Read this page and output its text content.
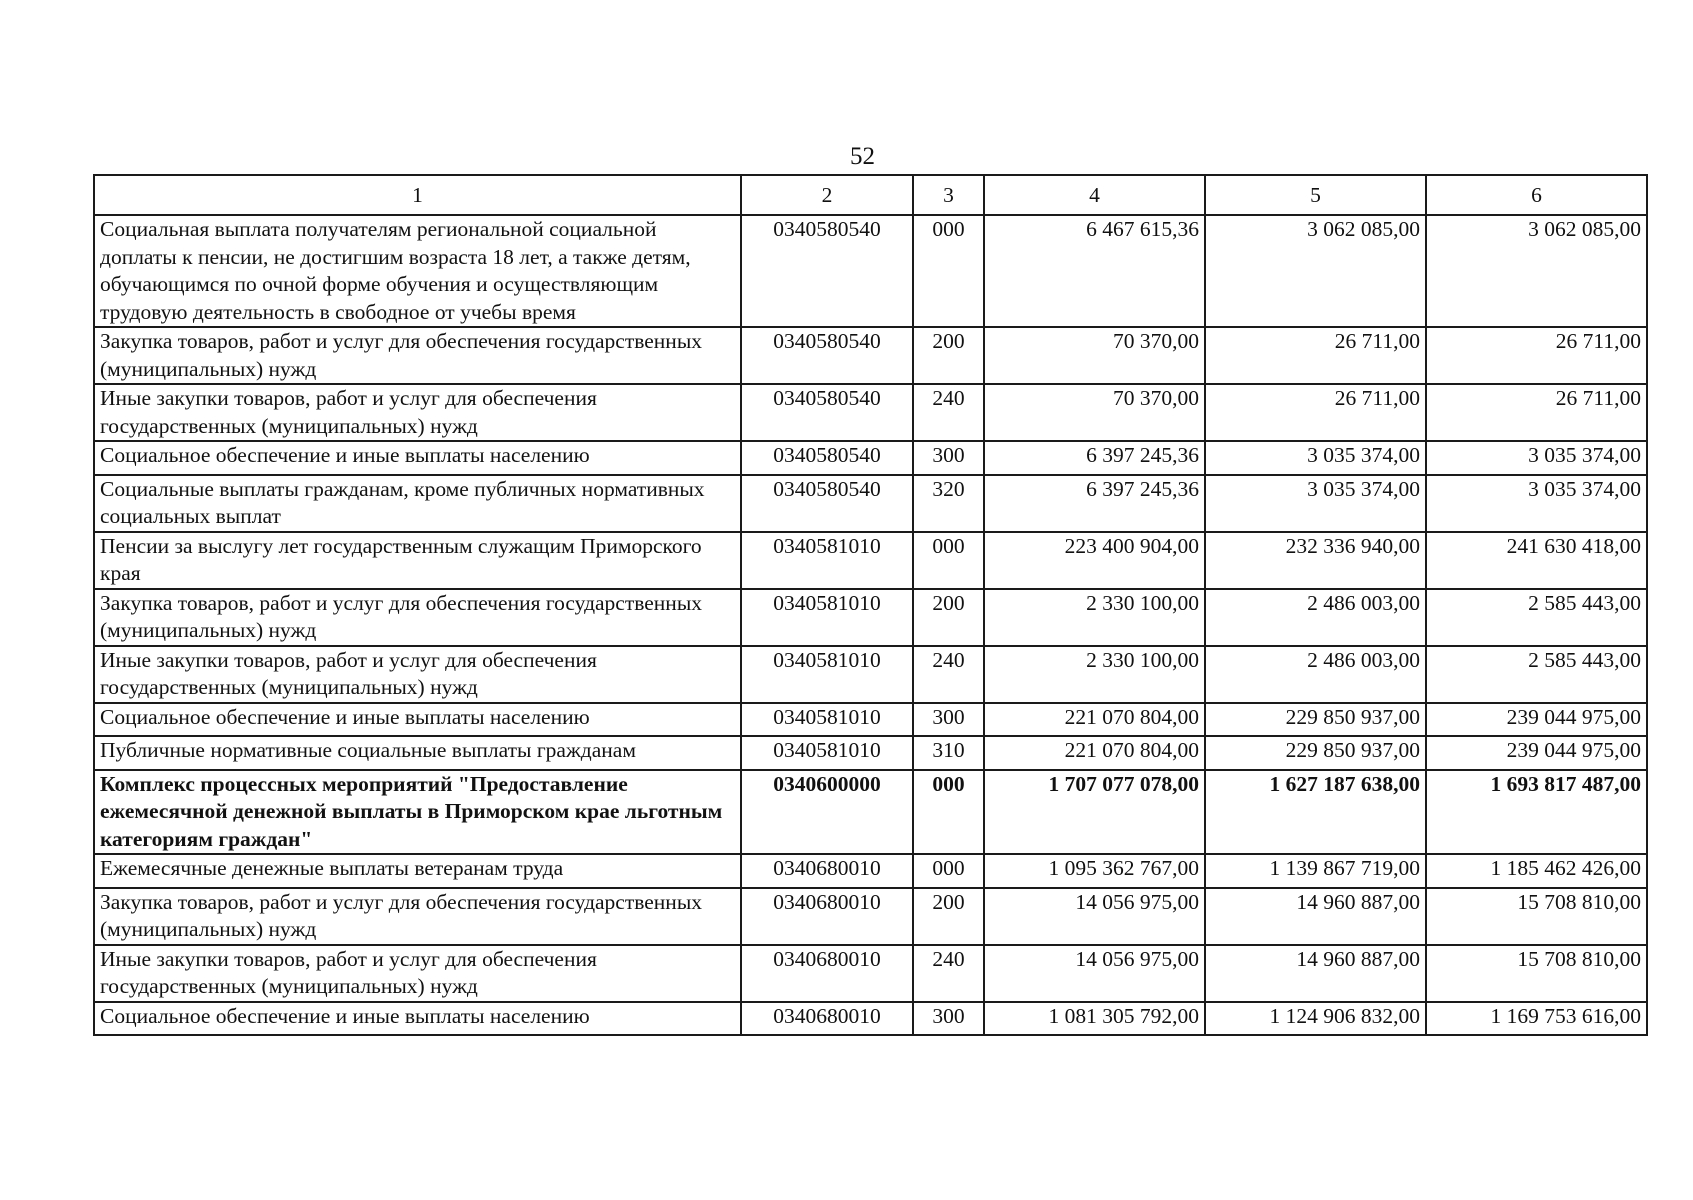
52
1	2	3	4	5	6
Социальная выплата получателям региональной социальной доплаты к пенсии, не достигшим возраста 18 лет, а также детям, обучающимся по очной форме обучения и осуществляющим трудовую деятельность в свободное от учебы время	0340580540	000	6 467 615,36	3 062 085,00	3 062 085,00
Закупка товаров, работ и услуг для обеспечения государственных (муниципальных) нужд	0340580540	200	70 370,00	26 711,00	26 711,00
Иные закупки товаров, работ и услуг для обеспечения государственных (муниципальных) нужд	0340580540	240	70 370,00	26 711,00	26 711,00
Социальное обеспечение и иные выплаты населению	0340580540	300	6 397 245,36	3 035 374,00	3 035 374,00
Социальные выплаты гражданам, кроме публичных нормативных социальных выплат	0340580540	320	6 397 245,36	3 035 374,00	3 035 374,00
Пенсии за выслугу лет государственным служащим Приморского края	0340581010	000	223 400 904,00	232 336 940,00	241 630 418,00
Закупка товаров, работ и услуг для обеспечения государственных (муниципальных) нужд	0340581010	200	2 330 100,00	2 486 003,00	2 585 443,00
Иные закупки товаров, работ и услуг для обеспечения государственных (муниципальных) нужд	0340581010	240	2 330 100,00	2 486 003,00	2 585 443,00
Социальное обеспечение и иные выплаты населению	0340581010	300	221 070 804,00	229 850 937,00	239 044 975,00
Публичные нормативные социальные выплаты гражданам	0340581010	310	221 070 804,00	229 850 937,00	239 044 975,00
Комплекс процессных мероприятий "Предоставление ежемесячной денежной выплаты в Приморском крае льготным категориям граждан"	0340600000	000	1 707 077 078,00	1 627 187 638,00	1 693 817 487,00
Ежемесячные денежные выплаты ветеранам труда	0340680010	000	1 095 362 767,00	1 139 867 719,00	1 185 462 426,00
Закупка товаров, работ и услуг для обеспечения государственных (муниципальных) нужд	0340680010	200	14 056 975,00	14 960 887,00	15 708 810,00
Иные закупки товаров, работ и услуг для обеспечения государственных (муниципальных) нужд	0340680010	240	14 056 975,00	14 960 887,00	15 708 810,00
Социальное обеспечение и иные выплаты населению	0340680010	300	1 081 305 792,00	1 124 906 832,00	1 169 753 616,00
